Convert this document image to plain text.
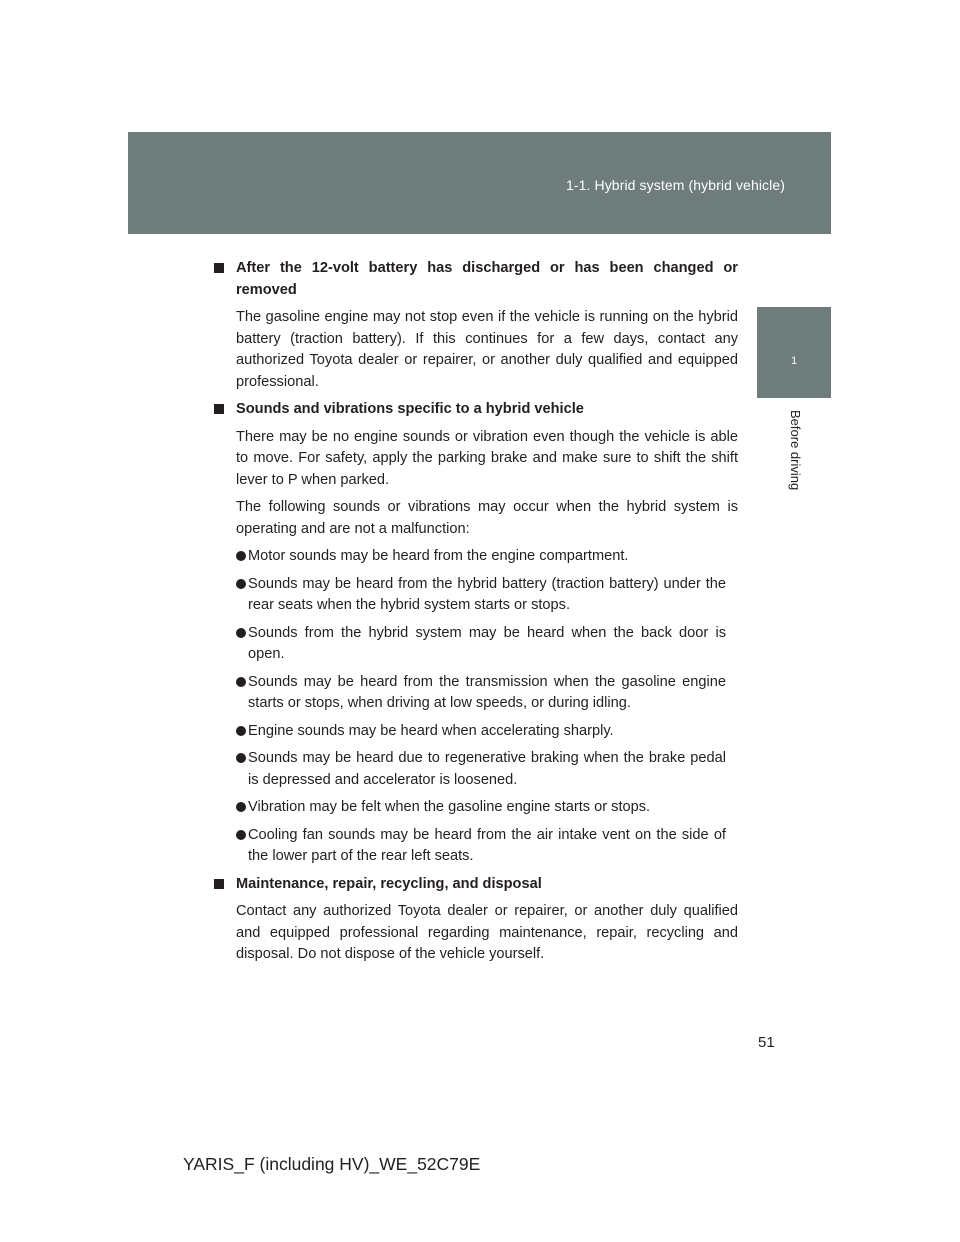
1-1. Hybrid system (hybrid vehicle)
1
Before driving
After the 12-volt battery has discharged or has been changed or removed
The gasoline engine may not stop even if the vehicle is running on the hybrid battery (traction battery). If this continues for a few days, contact any authorized Toyota dealer or repairer, or another duly qualified and equipped professional.
Sounds and vibrations specific to a hybrid vehicle
There may be no engine sounds or vibration even though the vehicle is able to move. For safety, apply the parking brake and make sure to shift the shift lever to P when parked.
The following sounds or vibrations may occur when the hybrid system is operating and are not a malfunction:
Motor sounds may be heard from the engine compartment.
Sounds may be heard from the hybrid battery (traction battery) under the rear seats when the hybrid system starts or stops.
Sounds from the hybrid system may be heard when the back door is open.
Sounds may be heard from the transmission when the gasoline engine starts or stops, when driving at low speeds, or during idling.
Engine sounds may be heard when accelerating sharply.
Sounds may be heard due to regenerative braking when the brake pedal is depressed and accelerator is loosened.
Vibration may be felt when the gasoline engine starts or stops.
Cooling fan sounds may be heard from the air intake vent on the side of the lower part of the rear left seats.
Maintenance, repair, recycling, and disposal
Contact any authorized Toyota dealer or repairer, or another duly qualified and equipped professional regarding maintenance, repair, recycling and disposal. Do not dispose of the vehicle yourself.
51
YARIS_F (including HV)_WE_52C79E
